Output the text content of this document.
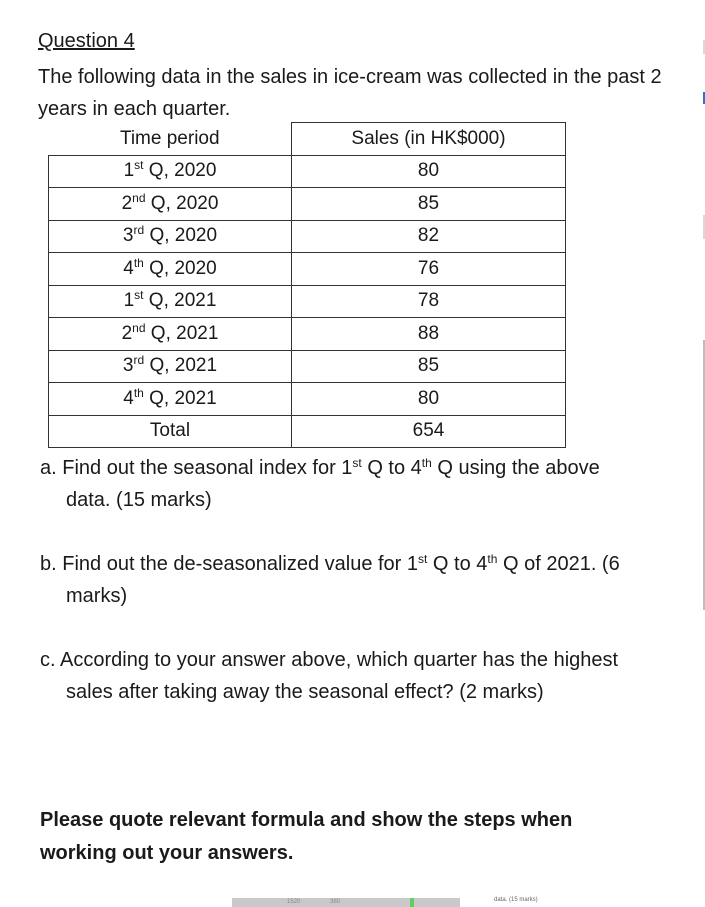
Question 4
The following data in the sales in ice-cream was collected in the past 2 years in each quarter.
Time period	Sales (in HK$000)
1st Q, 2020	80
2nd Q, 2020	85
3rd Q, 2020	82
4th Q, 2020	76
1st Q, 2021	78
2nd Q, 2021	88
3rd Q, 2021	85
4th Q, 2021	80
Total	654
a. Find out the seasonal index for 1st Q to 4th Q using the above
data. (15 marks)
b. Find out the de-seasonalized value for 1st Q to 4th Q of 2021. (6
marks)
c. According to your answer above, which quarter has the highest
sales after taking away the seasonal effect? (2 marks)
Please quote relevant formula and show the steps when
working out your answers.
1520	380	data. (15 marks)
